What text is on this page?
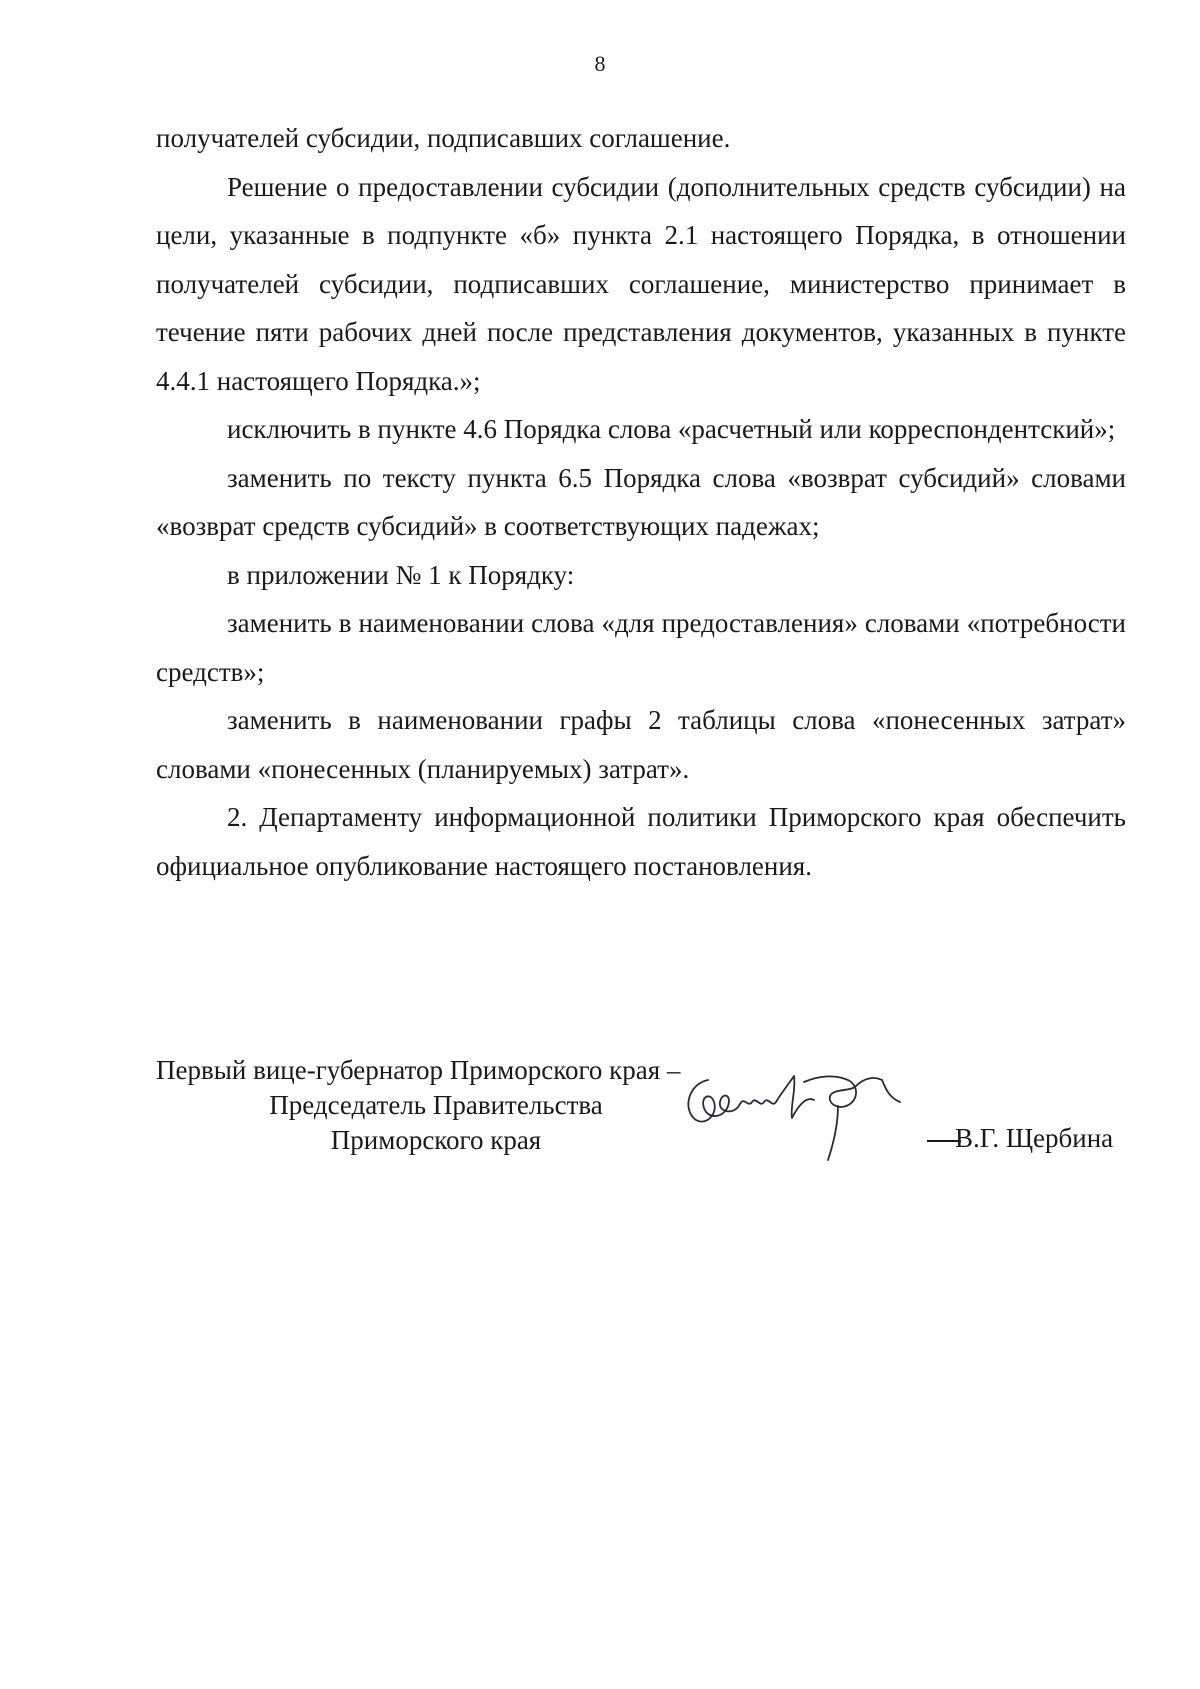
8

получателей субсидии, подписавших соглашение.

Решение о предоставлении субсидии (дополнительных средств субсидии) на цели, указанные в подпункте «б» пункта 2.1 настоящего Порядка, в отношении получателей субсидии, подписавших соглашение, министерство принимает в течение пяти рабочих дней после представления документов, указанных в пункте 4.4.1 настоящего Порядка.»;

исключить в пункте 4.6 Порядка слова «расчетный или корреспондентский»;

заменить по тексту пункта 6.5 Порядка слова «возврат субсидий» словами «возврат средств субсидий» в соответствующих падежах;

в приложении № 1 к Порядку:

заменить в наименовании слова «для предоставления» словами «потребности средств»;

заменить в наименовании графы 2 таблицы слова «понесенных затрат» словами «понесенных (планируемых) затрат».

2. Департаменту информационной политики Приморского края обеспечить официальное опубликование настоящего постановления.

Первый вице-губернатор Приморского края –
Председатель Правительства
Приморского края	В.Г. Щербина
